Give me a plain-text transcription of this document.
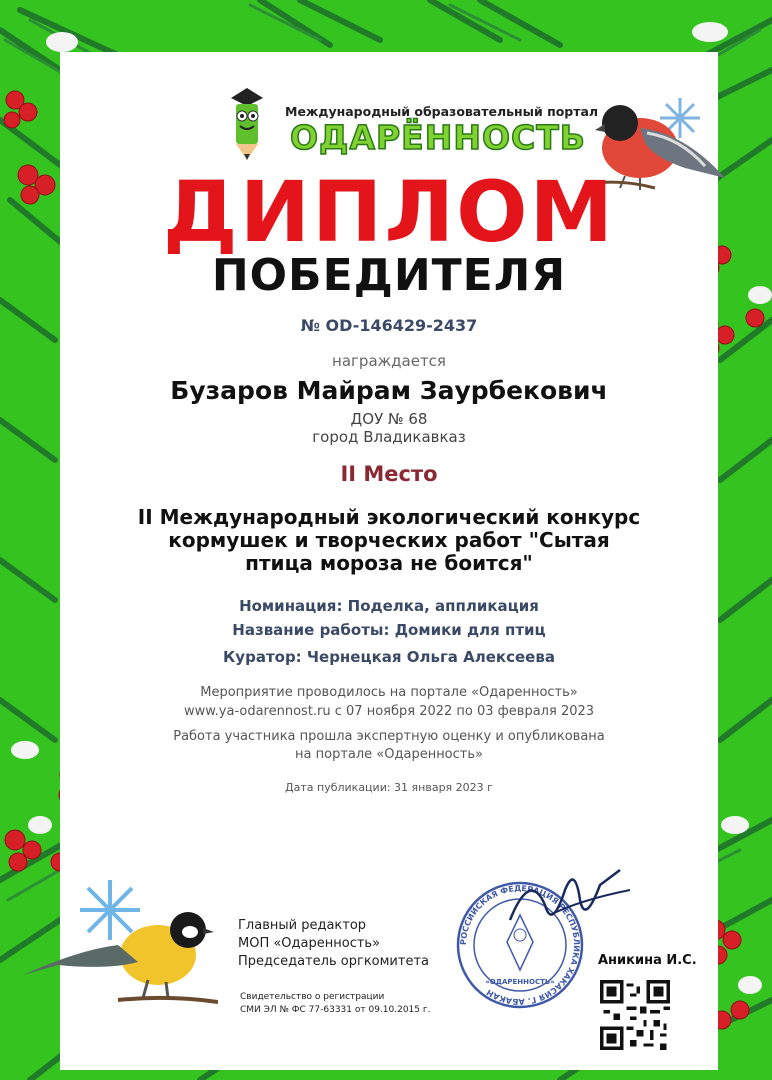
Международный образовательный портал
ОДАРЁННОСТЬ
ДИПЛОМ
ПОБЕДИТЕЛЯ
№ OD-146429-2437
награждается
Бузаров Майрам Заурбекович
ДОУ № 68
город Владикавказ
II Место
II Международный экологический конкурс
кормушек и творческих работ "Сытая
птица мороза не боится"
Номинация: Поделка, аппликация
Название работы: Домики для птиц
Куратор: Чернецкая Ольга Алексеева
Мероприятие проводилось на портале «Одаренность»
www.ya-odarennost.ru с 07 ноября 2022 по 03 февраля 2023
Работа участника прошла экспертную оценку и опубликована
на портале «Одаренность»
Дата публикации: 31 января 2023 г
Главный редактор
МОП «Одаренность»
Председатель оргкомитета
Свидетельство о регистрации
СМИ ЭЛ № ФС 77-63331 от 09.10.2015 г.
РОССИЙСКАЯ ФЕДЕРАЦИЯ РЕСПУБЛИКА ХАКАСИЯ Г. АБАКАН
«ОДАРЕННОСТЬ»
Аникина И.С.
